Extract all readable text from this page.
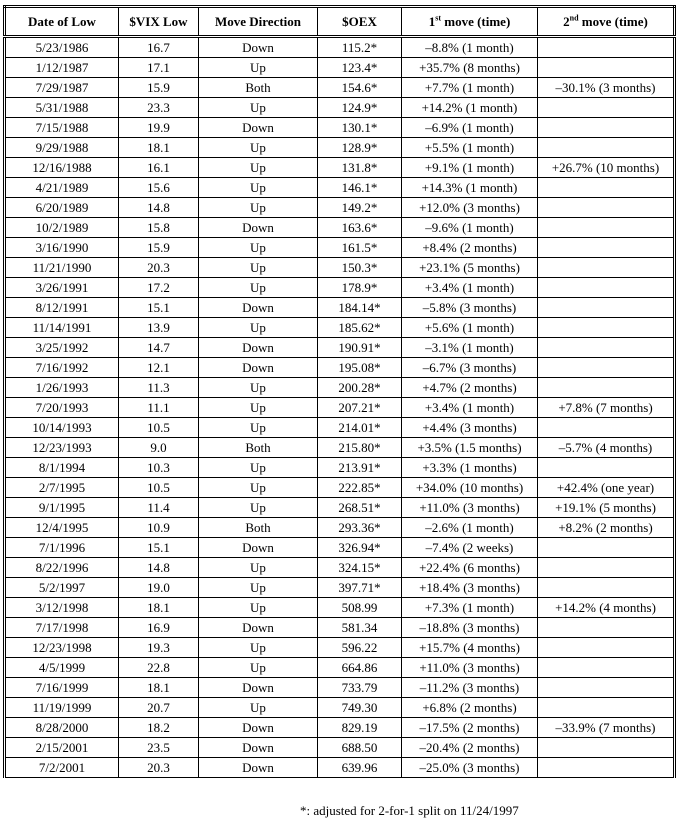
Date of Low	$VIX Low	Move Direction	$OEX	1st move (time)	2nd move (time)
5/23/1986	16.7	Down	115.2*	–8.8% (1 month)	
1/12/1987	17.1	Up	123.4*	+35.7% (8 months)	
7/29/1987	15.9	Both	154.6*	+7.7% (1 month)	–30.1% (3 months)
5/31/1988	23.3	Up	124.9*	+14.2% (1 month)	
7/15/1988	19.9	Down	130.1*	–6.9% (1 month)	
9/29/1988	18.1	Up	128.9*	+5.5% (1 month)	
12/16/1988	16.1	Up	131.8*	+9.1% (1 month)	+26.7% (10 months)
4/21/1989	15.6	Up	146.1*	+14.3% (1 month)	
6/20/1989	14.8	Up	149.2*	+12.0% (3 months)	
10/2/1989	15.8	Down	163.6*	–9.6% (1 month)	
3/16/1990	15.9	Up	161.5*	+8.4% (2 months)	
11/21/1990	20.3	Up	150.3*	+23.1% (5 months)	
3/26/1991	17.2	Up	178.9*	+3.4% (1 month)	
8/12/1991	15.1	Down	184.14*	–5.8% (3 months)	
11/14/1991	13.9	Up	185.62*	+5.6% (1 month)	
3/25/1992	14.7	Down	190.91*	–3.1% (1 month)	
7/16/1992	12.1	Down	195.08*	–6.7% (3 months)	
1/26/1993	11.3	Up	200.28*	+4.7% (2 months)	
7/20/1993	11.1	Up	207.21*	+3.4% (1 month)	+7.8% (7 months)
10/14/1993	10.5	Up	214.01*	+4.4% (3 months)	
12/23/1993	9.0	Both	215.80*	+3.5% (1.5 months)	–5.7% (4 months)
8/1/1994	10.3	Up	213.91*	+3.3% (1 months)	
2/7/1995	10.5	Up	222.85*	+34.0% (10 months)	+42.4% (one year)
9/1/1995	11.4	Up	268.51*	+11.0% (3 months)	+19.1% (5 months)
12/4/1995	10.9	Both	293.36*	–2.6% (1 month)	+8.2% (2 months)
7/1/1996	15.1	Down	326.94*	–7.4% (2 weeks)	
8/22/1996	14.8	Up	324.15*	+22.4% (6 months)	
5/2/1997	19.0	Up	397.71*	+18.4% (3 months)	
3/12/1998	18.1	Up	508.99	+7.3% (1 month)	+14.2% (4 months)
7/17/1998	16.9	Down	581.34	–18.8% (3 months)	
12/23/1998	19.3	Up	596.22	+15.7% (4 months)	
4/5/1999	22.8	Up	664.86	+11.0% (3 months)	
7/16/1999	18.1	Down	733.79	–11.2% (3 months)	
11/19/1999	20.7	Up	749.30	+6.8% (2 months)	
8/28/2000	18.2	Down	829.19	–17.5% (2 months)	–33.9% (7 months)
2/15/2001	23.5	Down	688.50	–20.4% (2 months)	
7/2/2001	20.3	Down	639.96	–25.0% (3 months)	
*: adjusted for 2-for-1 split on 11/24/1997
